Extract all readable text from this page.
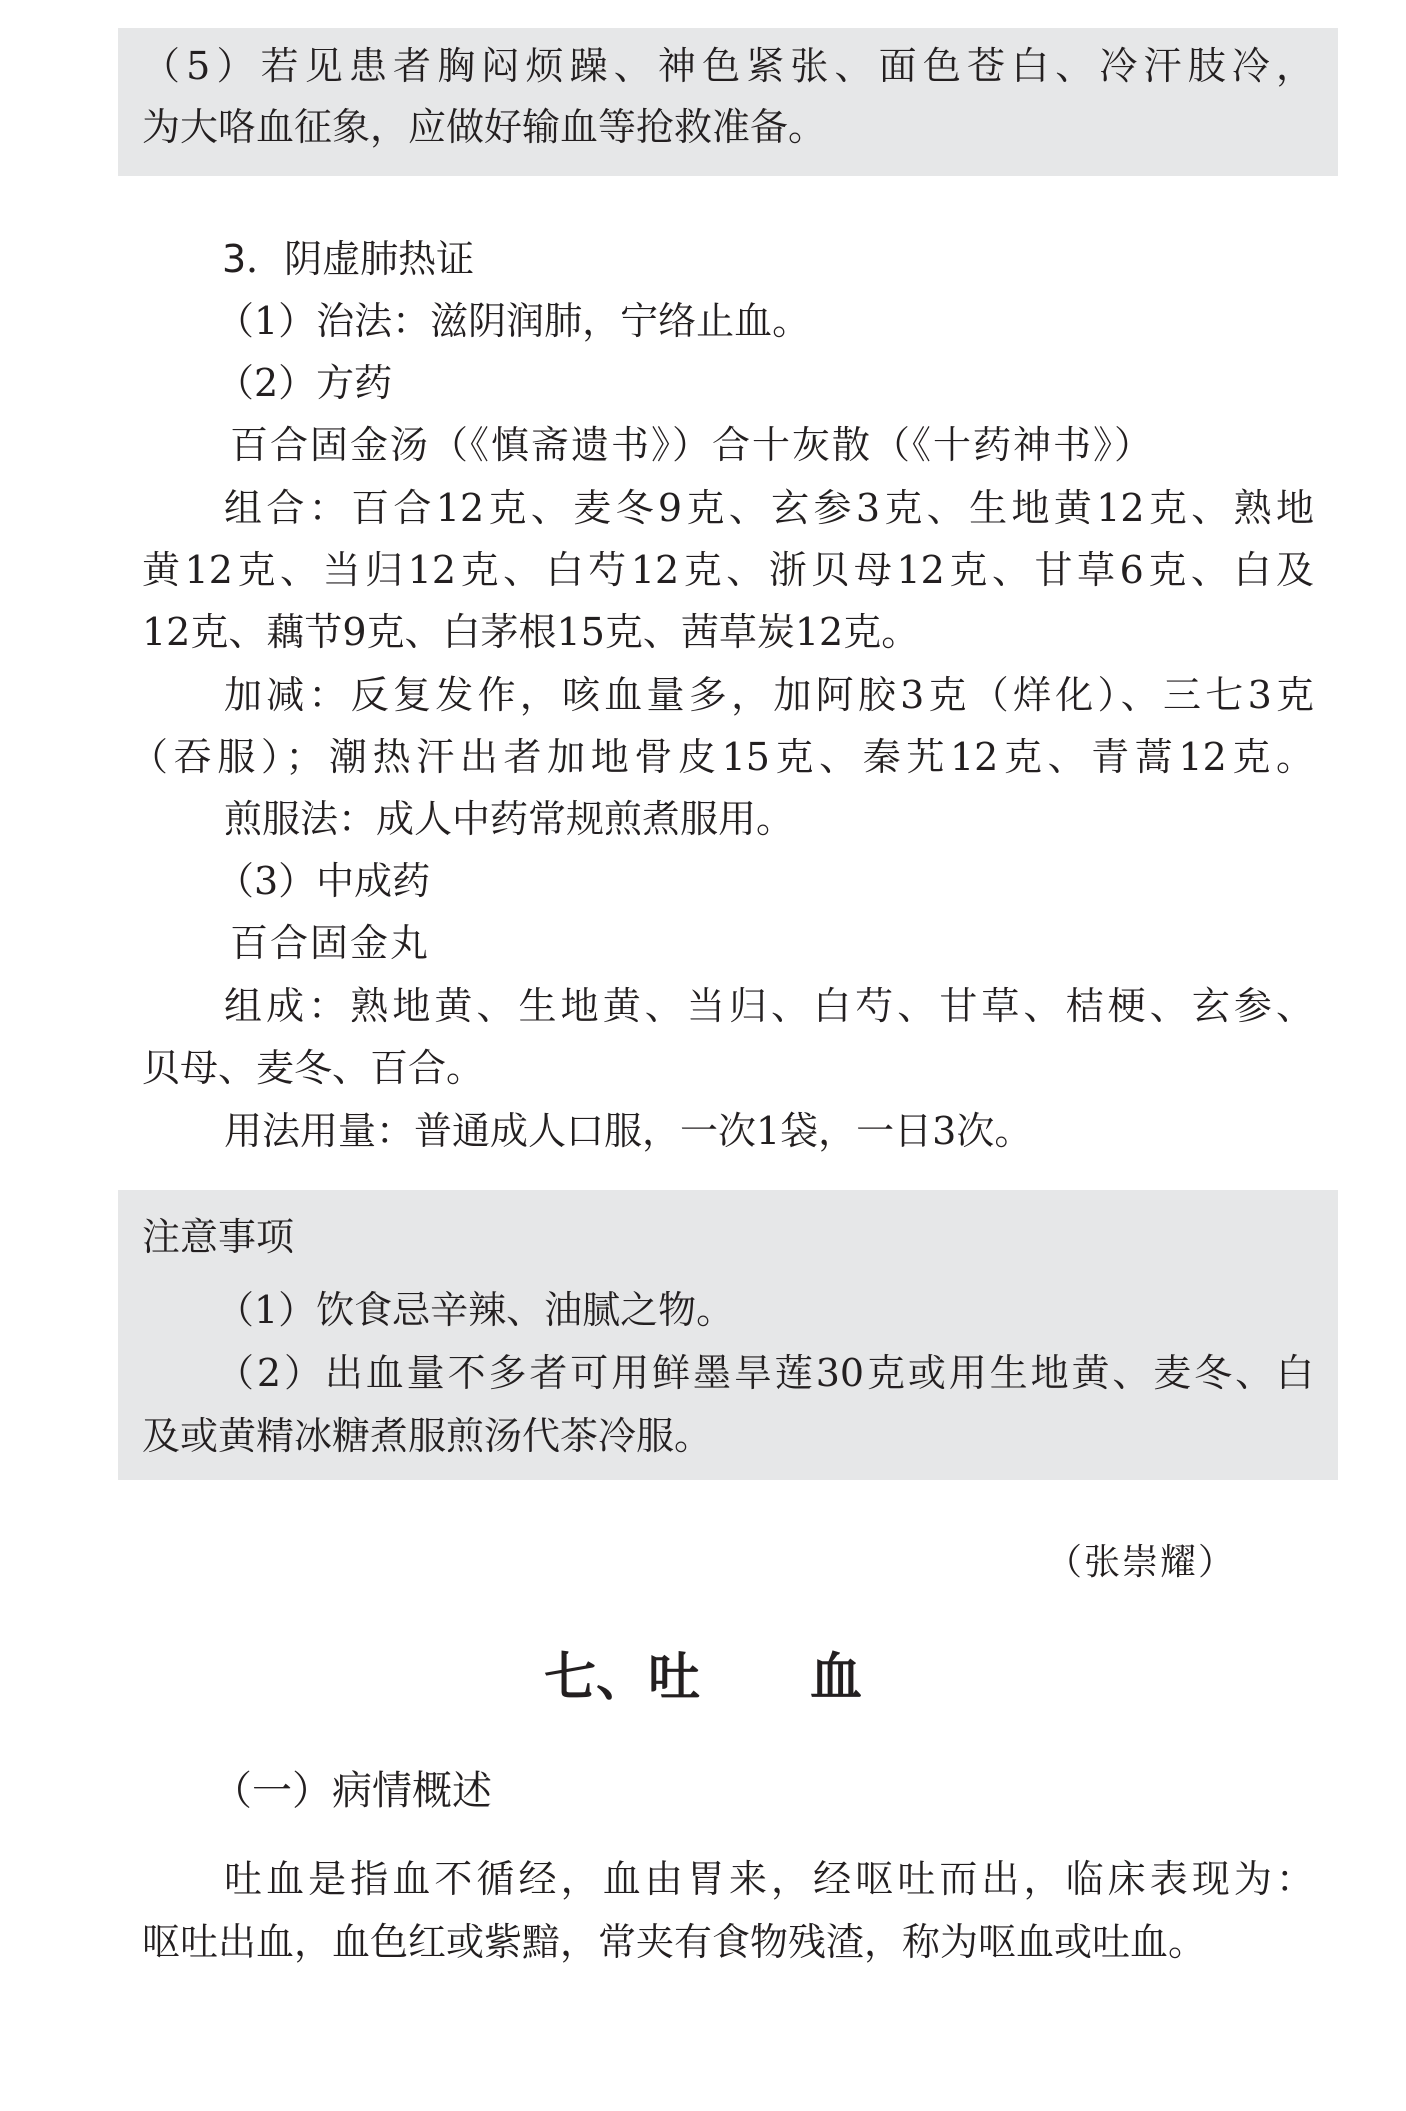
（5）若见患者胸闷烦躁、神色紧张、面色苍白、冷汗肢冷，
为大咯血征象，应做好输血等抢救准备。
3．阴虚肺热证
（1）治法：滋阴润肺，宁络止血。
（2）方药
百合固金汤（《慎斋遗书》）合十灰散（《十药神书》）
组合：百合12克、麦冬9克、玄参3克、生地黄12克、熟地
黄12克、当归12克、白芍12克、浙贝母12克、甘草6克、白及
12克、藕节9克、白茅根15克、茜草炭12克。
加减：反复发作，咳血量多，加阿胶3克（烊化）、三七3克
（吞服）；潮热汗出者加地骨皮15克、秦艽12克、青蒿12克。
煎服法：成人中药常规煎煮服用。
（3）中成药
百合固金丸
组成：熟地黄、生地黄、当归、白芍、甘草、桔梗、玄参、
贝母、麦冬、百合。
用法用量：普通成人口服，一次1袋，一日3次。
注意事项
（1）饮食忌辛辣、油腻之物。
（2）出血量不多者可用鲜墨旱莲30克或用生地黄、麦冬、白
及或黄精冰糖煮服煎汤代茶冷服。
（张崇耀）
七、吐 血
（一）病情概述
吐血是指血不循经，血由胃来，经呕吐而出，临床表现为：
呕吐出血，血色红或紫黯，常夹有食物残渣，称为呕血或吐血。
